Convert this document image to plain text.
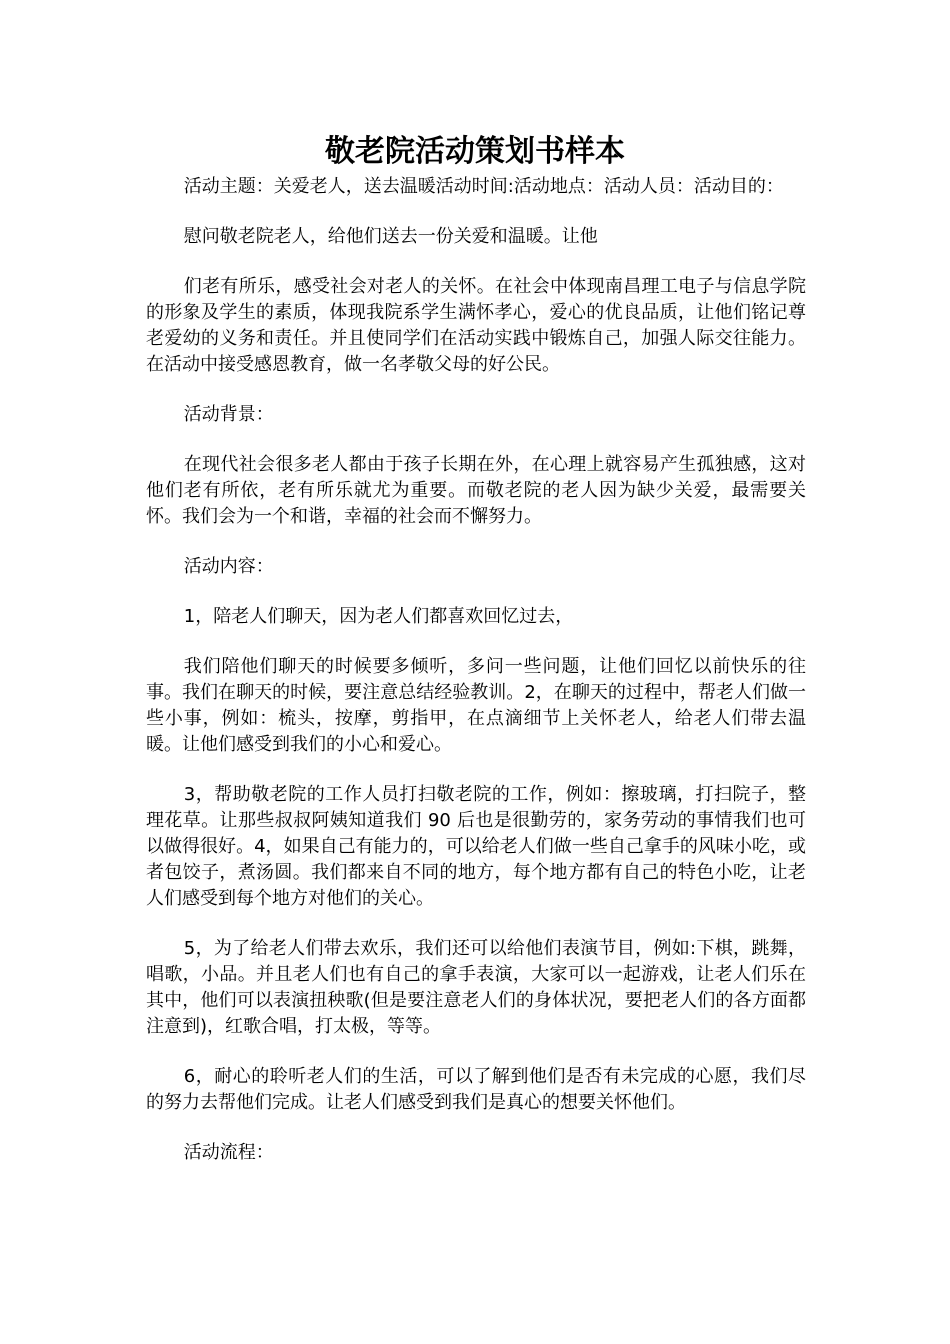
敬老院活动策划书样本

活动主题：关爱老人，送去温暖活动时间:活动地点：活动人员：活动目的：

慰问敬老院老人，给他们送去一份关爱和温暖。让他

们老有所乐，感受社会对老人的关怀。在社会中体现南昌理工电子与信息学院的形象及学生的素质，体现我院系学生满怀孝心，爱心的优良品质，让他们铭记尊老爱幼的义务和责任。并且使同学们在活动实践中锻炼自己，加强人际交往能力。在活动中接受感恩教育，做一名孝敬父母的好公民。

活动背景：

在现代社会很多老人都由于孩子长期在外，在心理上就容易产生孤独感，这对他们老有所依，老有所乐就尤为重要。而敬老院的老人因为缺少关爱，最需要关怀。我们会为一个和谐，幸福的社会而不懈努力。

活动内容：

1，陪老人们聊天，因为老人们都喜欢回忆过去，

我们陪他们聊天的时候要多倾听，多问一些问题，让他们回忆以前快乐的往事。我们在聊天的时候，要注意总结经验教训。2，在聊天的过程中，帮老人们做一些小事，例如：梳头，按摩，剪指甲，在点滴细节上关怀老人，给老人们带去温暖。让他们感受到我们的小心和爱心。

3，帮助敬老院的工作人员打扫敬老院的工作，例如：擦玻璃，打扫院子，整理花草。让那些叔叔阿姨知道我们 90 后也是很勤劳的，家务劳动的事情我们也可以做得很好。4，如果自己有能力的，可以给老人们做一些自己拿手的风味小吃，或者包饺子，煮汤圆。我们都来自不同的地方，每个地方都有自己的特色小吃，让老人们感受到每个地方对他们的关心。

5，为了给老人们带去欢乐，我们还可以给他们表演节目，例如:下棋，跳舞，唱歌，小品。并且老人们也有自己的拿手表演，大家可以一起游戏，让老人们乐在其中，他们可以表演扭秧歌(但是要注意老人们的身体状况，要把老人们的各方面都注意到)，红歌合唱，打太极，等等。

6，耐心的聆听老人们的生活，可以了解到他们是否有未完成的心愿，我们尽的努力去帮他们完成。让老人们感受到我们是真心的想要关怀他们。

活动流程：
